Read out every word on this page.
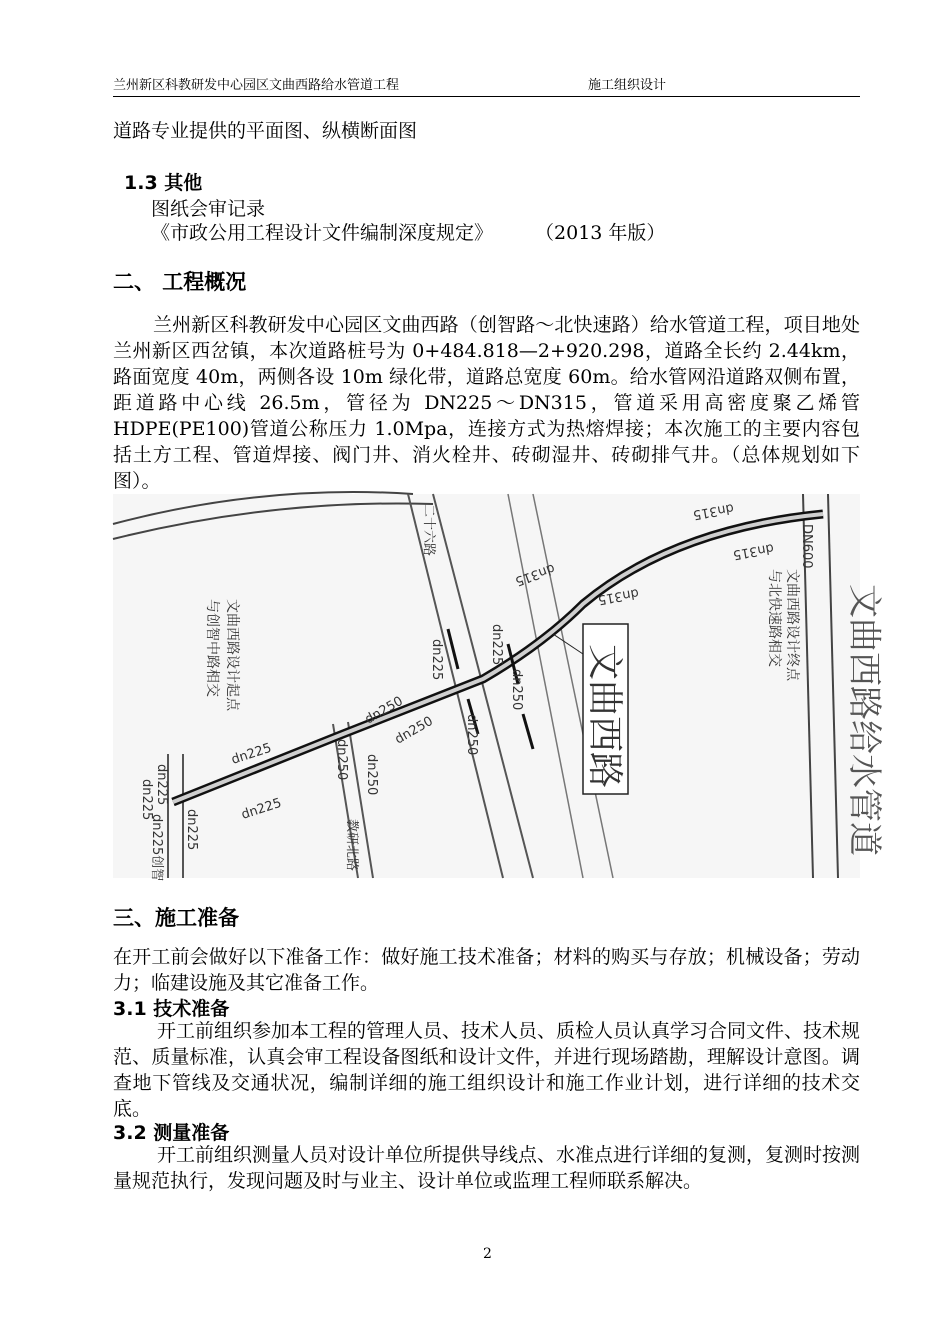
兰州新区科教研发中心园区文曲西路给水管道工程	施工组织设计
道路专业提供的平面图、纵横断面图
1.3 其他
图纸会审记录
《市政公用工程设计文件编制深度规定》 （2013 年版）
二、 工程概况
兰州新区科教研发中心园区文曲西路（创智路～北快速路）给水管道工程，项目地处兰州新区西岔镇，本次道路桩号为 0+484.818—2+920.298，道路全长约 2.44km，路面宽度 40m，两侧各设 10m 绿化带，道路总宽度 60m。给水管网沿道路双侧布置，距道路中心线 26.5m，管径为 DN225～DN315，管道采用高密度聚乙烯管 HDPE(PE100)管道公称压力 1.0Mpa，连接方式为热熔焊接；本次施工的主要内容包括土方工程、管道焊接、阀门井、消火栓井、砖砌湿井、砖砌排气井。（总体规划如下图）。
dn225
dn225
dn250
dn250
dn315
dn315
dn315
dn315
dn225
dn225
dn250
dn250
dn225
dn225
dn225
dn225创智
dn250 dn250
教研北路
二十六路	DN600
文曲西路设计起点
与创智中路相交	文曲西路设计终点
与北快速路相交 文曲西路给水管道
文曲西路
三、施工准备
在开工前会做好以下准备工作：做好施工技术准备；材料的购买与存放；机械设备；劳动力；临建设施及其它准备工作。
3.1 技术准备
开工前组织参加本工程的管理人员、技术人员、质检人员认真学习合同文件、技术规范、质量标准，认真会审工程设备图纸和设计文件，并进行现场踏勘，理解设计意图。调查地下管线及交通状况，编制详细的施工组织设计和施工作业计划，进行详细的技术交底。
3.2 测量准备
开工前组织测量人员对设计单位所提供导线点、水准点进行详细的复测，复测时按测量规范执行，发现问题及时与业主、设计单位或监理工程师联系解决。
2
